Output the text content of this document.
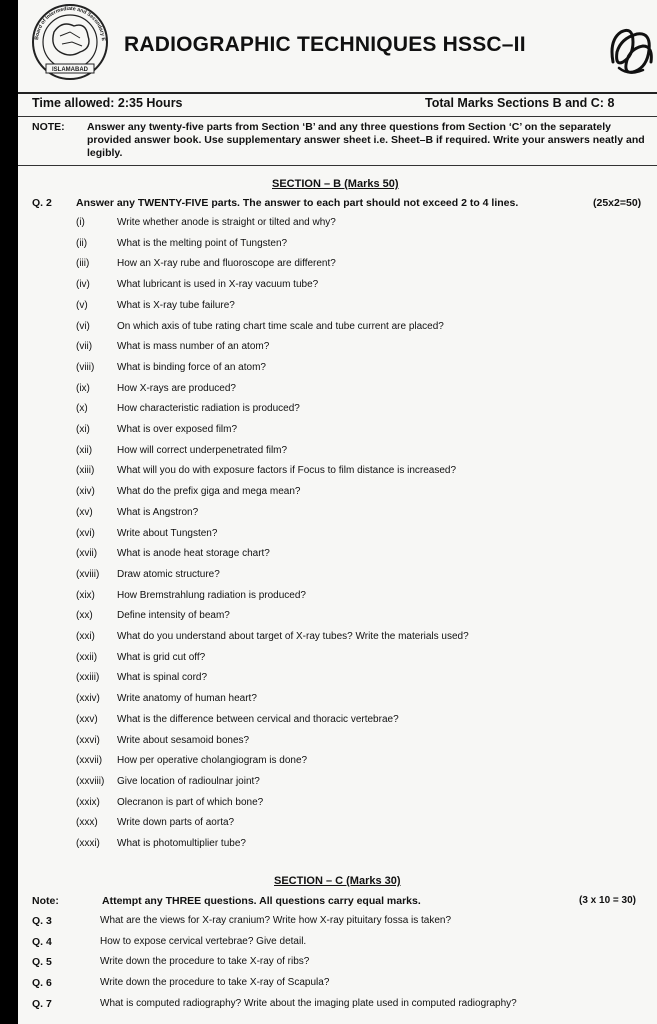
Board of Intermediate and Secondary E
ISLAMABAD
RADIOGRAPHIC TECHNIQUES HSSC–II
Time allowed: 2:35 Hours	Total Marks Sections B and C: 8
NOTE: Answer any twenty-five parts from Section ‘B’ and any three questions from Section ‘C’ on the separately provided answer book. Use supplementary answer sheet i.e. Sheet–B if required. Write your answers neatly and legibly.
SECTION – B (Marks 50)
Q. 2 Answer any TWENTY-FIVE parts. The answer to each part should not exceed 2 to 4 lines.	(25x2=50)
(i)	Write whether anode is straight or tilted and why?
(ii)	What is the melting point of Tungsten?
(iii)	How an X-ray rube and fluoroscope are different?
(iv)	What lubricant is used in X-ray vacuum tube?
(v)	What is X-ray tube failure?
(vi)	On which axis of tube rating chart time scale and tube current are placed?
(vii) What is mass number of an atom?
(viii) What is binding force of an atom?
(ix)	How X-rays are produced?
(x)	How characteristic radiation is produced?
(xi)	What is over exposed film?
(xii) How will correct underpenetrated film?
(xiii) What will you do with exposure factors if Focus to film distance is increased?
(xiv) What do the prefix giga and mega mean?
(xv) What is Angstron?
(xvi) Write about Tungsten?
(xvii) What is anode heat storage chart?
(xviii) Draw atomic structure?
(xix) How Bremstrahlung radiation is produced?
(xx) Define intensity of beam?
(xxi) What do you understand about target of X-ray tubes? Write the materials used?
(xxii) What is grid cut off?
(xxiii) What is spinal cord?
(xxiv) Write anatomy of human heart?
(xxv) What is the difference between cervical and thoracic vertebrae?
(xxvi) Write about sesamoid bones?
(xxvii) How per operative cholangiogram is done?
(xxviii) Give location of radioulnar joint?
(xxix) Olecranon is part of which bone?
(xxx) Write down parts of aorta?
(xxxi) What is photomultiplier tube?
SECTION – C (Marks 30)
Note:	Attempt any THREE questions. All questions carry equal marks.	(3 x 10 = 30)
Q. 3	What are the views for X-ray cranium? Write how X-ray pituitary fossa is taken?
Q. 4	How to expose cervical vertebrae? Give detail.
Q. 5	Write down the procedure to take X-ray of ribs?
Q. 6	Write down the procedure to take X-ray of Scapula?
Q. 7	What is computed radiography? Write about the imaging plate used in computed radiography?
